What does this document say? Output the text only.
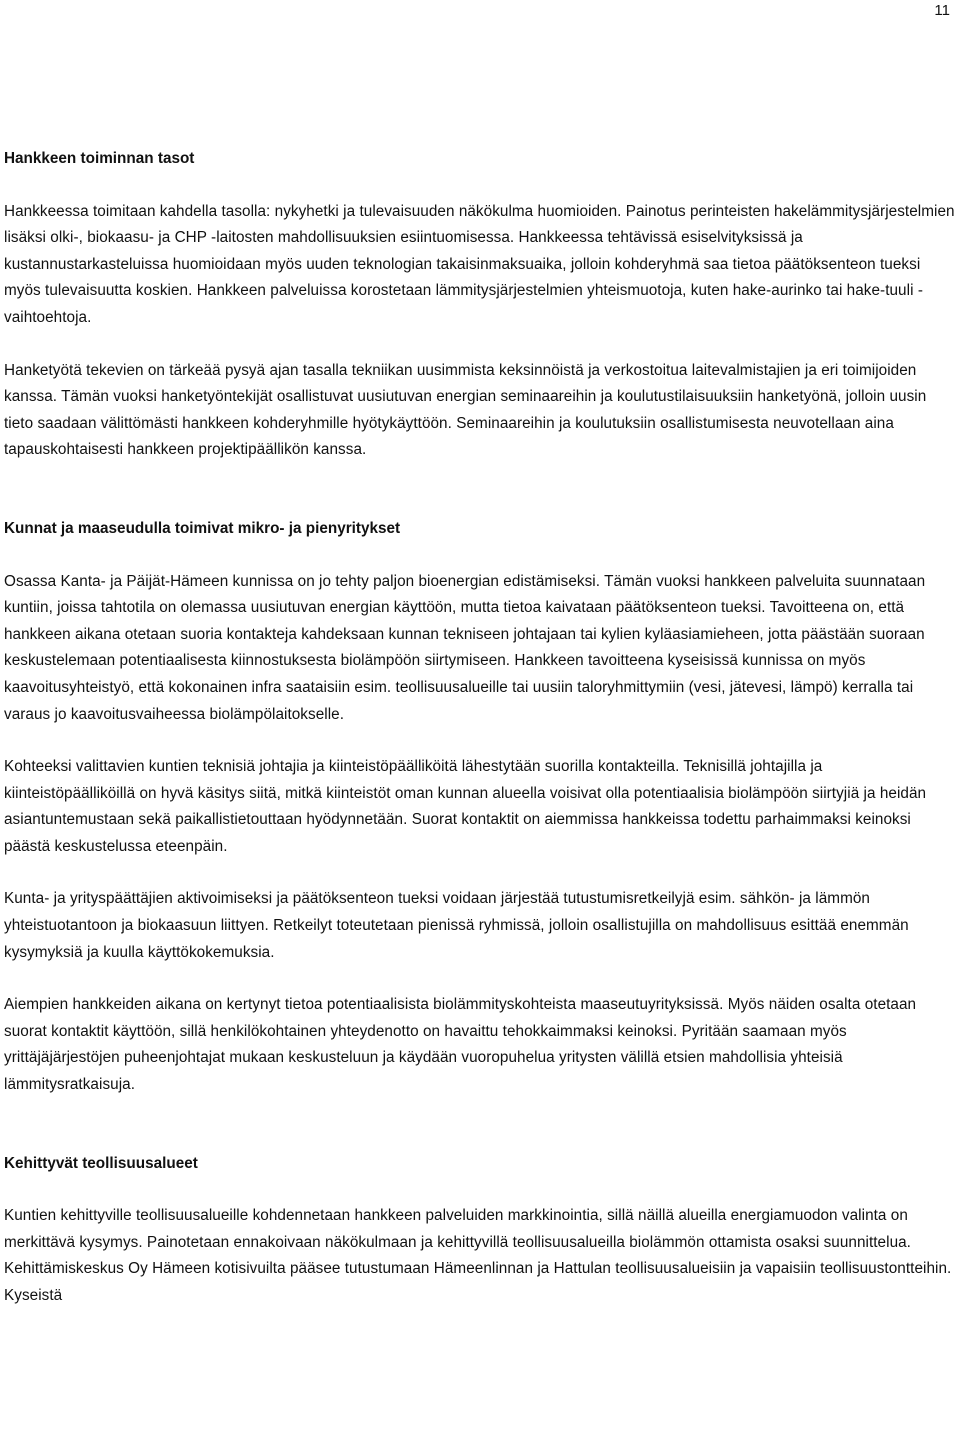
11
Hankkeen toiminnan tasot

Hankkeessa toimitaan kahdella tasolla: nykyhetki ja tulevaisuuden näkökulma huomioiden. Painotus perinteisten hakelämmitysjärjestelmien lisäksi olki-, biokaasu- ja CHP -laitosten mahdollisuuksien esiintuomisessa. Hankkeessa tehtävissä esiselvityksissä ja kustannustarkasteluissa huomioidaan myös uuden teknologian takaisinmaksuaika, jolloin kohderyhmä saa tietoa päätöksenteon tueksi myös tulevaisuutta koskien. Hankkeen palveluissa korostetaan lämmitysjärjestelmien yhteismuotoja, kuten hake-aurinko tai hake-tuuli -vaihtoehtoja.

Hanketyötä tekevien on tärkeää pysyä ajan tasalla tekniikan uusimmista keksinnöistä ja verkostoitua laitevalmistajien ja eri toimijoiden kanssa. Tämän vuoksi hanketyöntekijät osallistuvat uusiutuvan energian seminaareihin ja koulutustilaisuuksiin hanketyönä, jolloin uusin tieto saadaan välittömästi hankkeen kohderyhmille hyötykäyttöön. Seminaareihin ja koulutuksiin osallistumisesta neuvotellaan aina tapauskohtaisesti hankkeen projektipäällikön kanssa.

Kunnat ja maaseudulla toimivat mikro- ja pienyritykset

Osassa Kanta- ja Päijät-Hämeen kunnissa on jo tehty paljon bioenergian edistämiseksi. Tämän vuoksi hankkeen palveluita suunnataan kuntiin, joissa tahtotila on olemassa uusiutuvan energian käyttöön, mutta tietoa kaivataan päätöksenteon tueksi. Tavoitteena on, että hankkeen aikana otetaan suoria kontakteja kahdeksaan kunnan tekniseen johtajaan tai kylien kyläasiamieheen, jotta päästään suoraan keskustelemaan potentiaalisesta kiinnostuksesta biolämpöön siirtymiseen. Hankkeen tavoitteena kyseisissä kunnissa on myös kaavoitusyhteistyö, että kokonainen infra saataisiin esim. teollisuusalueille tai uusiin taloryhmittymiin (vesi, jätevesi, lämpö) kerralla tai varaus jo kaavoitusvaiheessa biolämpölaitokselle.

Kohteeksi valittavien kuntien teknisiä johtajia ja kiinteistöpäälliköitä lähestytään suorilla kontakteilla. Teknisillä johtajilla ja kiinteistöpäälliköillä on hyvä käsitys siitä, mitkä kiinteistöt oman kunnan alueella voisivat olla potentiaalisia biolämpöön siirtyjiä ja heidän asiantuntemustaan sekä paikallistietouttaan hyödynnetään. Suorat kontaktit on aiemmissa hankkeissa todettu parhaimmaksi keinoksi päästä keskustelussa eteenpäin.

Kunta- ja yrityspäättäjien aktivoimiseksi ja päätöksenteon tueksi voidaan järjestää tutustumisretkeilyjä esim. sähkön- ja lämmön yhteistuotantoon ja biokaasuun liittyen. Retkeilyt toteutetaan pienissä ryhmissä, jolloin osallistujilla on mahdollisuus esittää enemmän kysymyksiä ja kuulla käyttökokemuksia.

Aiempien hankkeiden aikana on kertynyt tietoa potentiaalisista biolämmityskohteista maaseutuyrityksissä. Myös näiden osalta otetaan suorat kontaktit käyttöön, sillä henkilökohtainen yhteydenotto on havaittu tehokkaimmaksi keinoksi. Pyritään saamaan myös yrittäjäjärjestöjen puheenjohtajat mukaan keskusteluun ja käydään vuoropuhelua yritysten välillä etsien mahdollisia yhteisiä lämmitysratkaisuja.

Kehittyvät teollisuusalueet

Kuntien kehittyville teollisuusalueille kohdennetaan hankkeen palveluiden markkinointia, sillä näillä alueilla energiamuodon valinta on merkittävä kysymys. Painotetaan ennakoivaan näkökulmaan ja kehittyvillä teollisuusalueilla biolämmön ottamista osaksi suunnittelua. Kehittämiskeskus Oy Hämeen kotisivuilta pääsee tutustumaan Hämeenlinnan ja Hattulan teollisuusalueisiin ja vapaisiin teollisuustontteihin. Kyseistä
